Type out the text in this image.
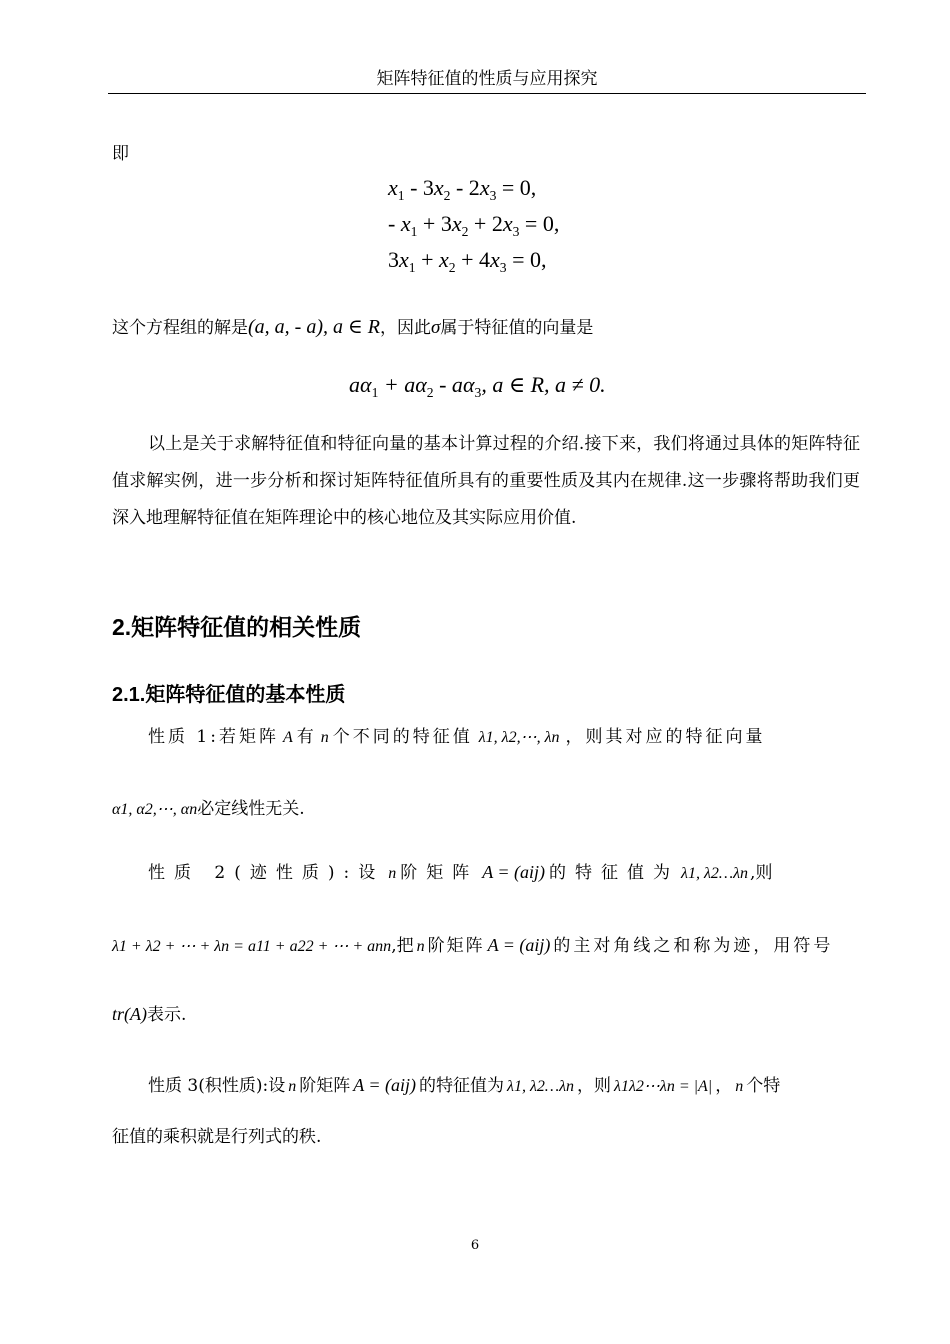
矩阵特征值的性质与应用探究
即
$x_1 - 3x_2 - 2x_3 = 0$,
- $x_1 + 3x_2 + 2x_3 = 0$,
$3x_1 + x_2 + 4x_3 = 0$,
这个方程组的解是(a, a, - a), a ∈ R，因此σ属于特征值的向量是
$a\alpha_1 + a\alpha_2 - a\alpha_3$, a ∈ R, a ≠ 0.
以上是关于求解特征值和特征向量的基本计算过程的介绍.接下来，我们将通过具体的矩阵特征值求解实例，进一步分析和探讨矩阵特征值所具有的重要性质及其内在规律.这一步骤将帮助我们更深入地理解特征值在矩阵理论中的核心地位及其实际应用价值.
2.矩阵特征值的相关性质
2.1.矩阵特征值的基本性质
性质 1:若矩阵 A 有 n 个不同的特征值 λ1, λ2,⋯, λn ，则其对应的特征向量
α1, α2,⋯, αn必定线性无关.
性质 2(迹性质):设 n 阶矩阵 A = (aij) 的特征值为 λ1, λ2…λn ,则
λ1 + λ2 + ⋯ + λn = a11 + a22 + ⋯ + ann,把 n 阶矩阵 A = (aij) 的主对角线之和称为迹，用符号
tr(A)表示.
性质 3(积性质):设 n 阶矩阵 A = (aij) 的特征值为 λ1, λ2…λn ，则 λ1λ2⋯λn = |A| ， n 个特
征值的乘积就是行列式的秩.
6
